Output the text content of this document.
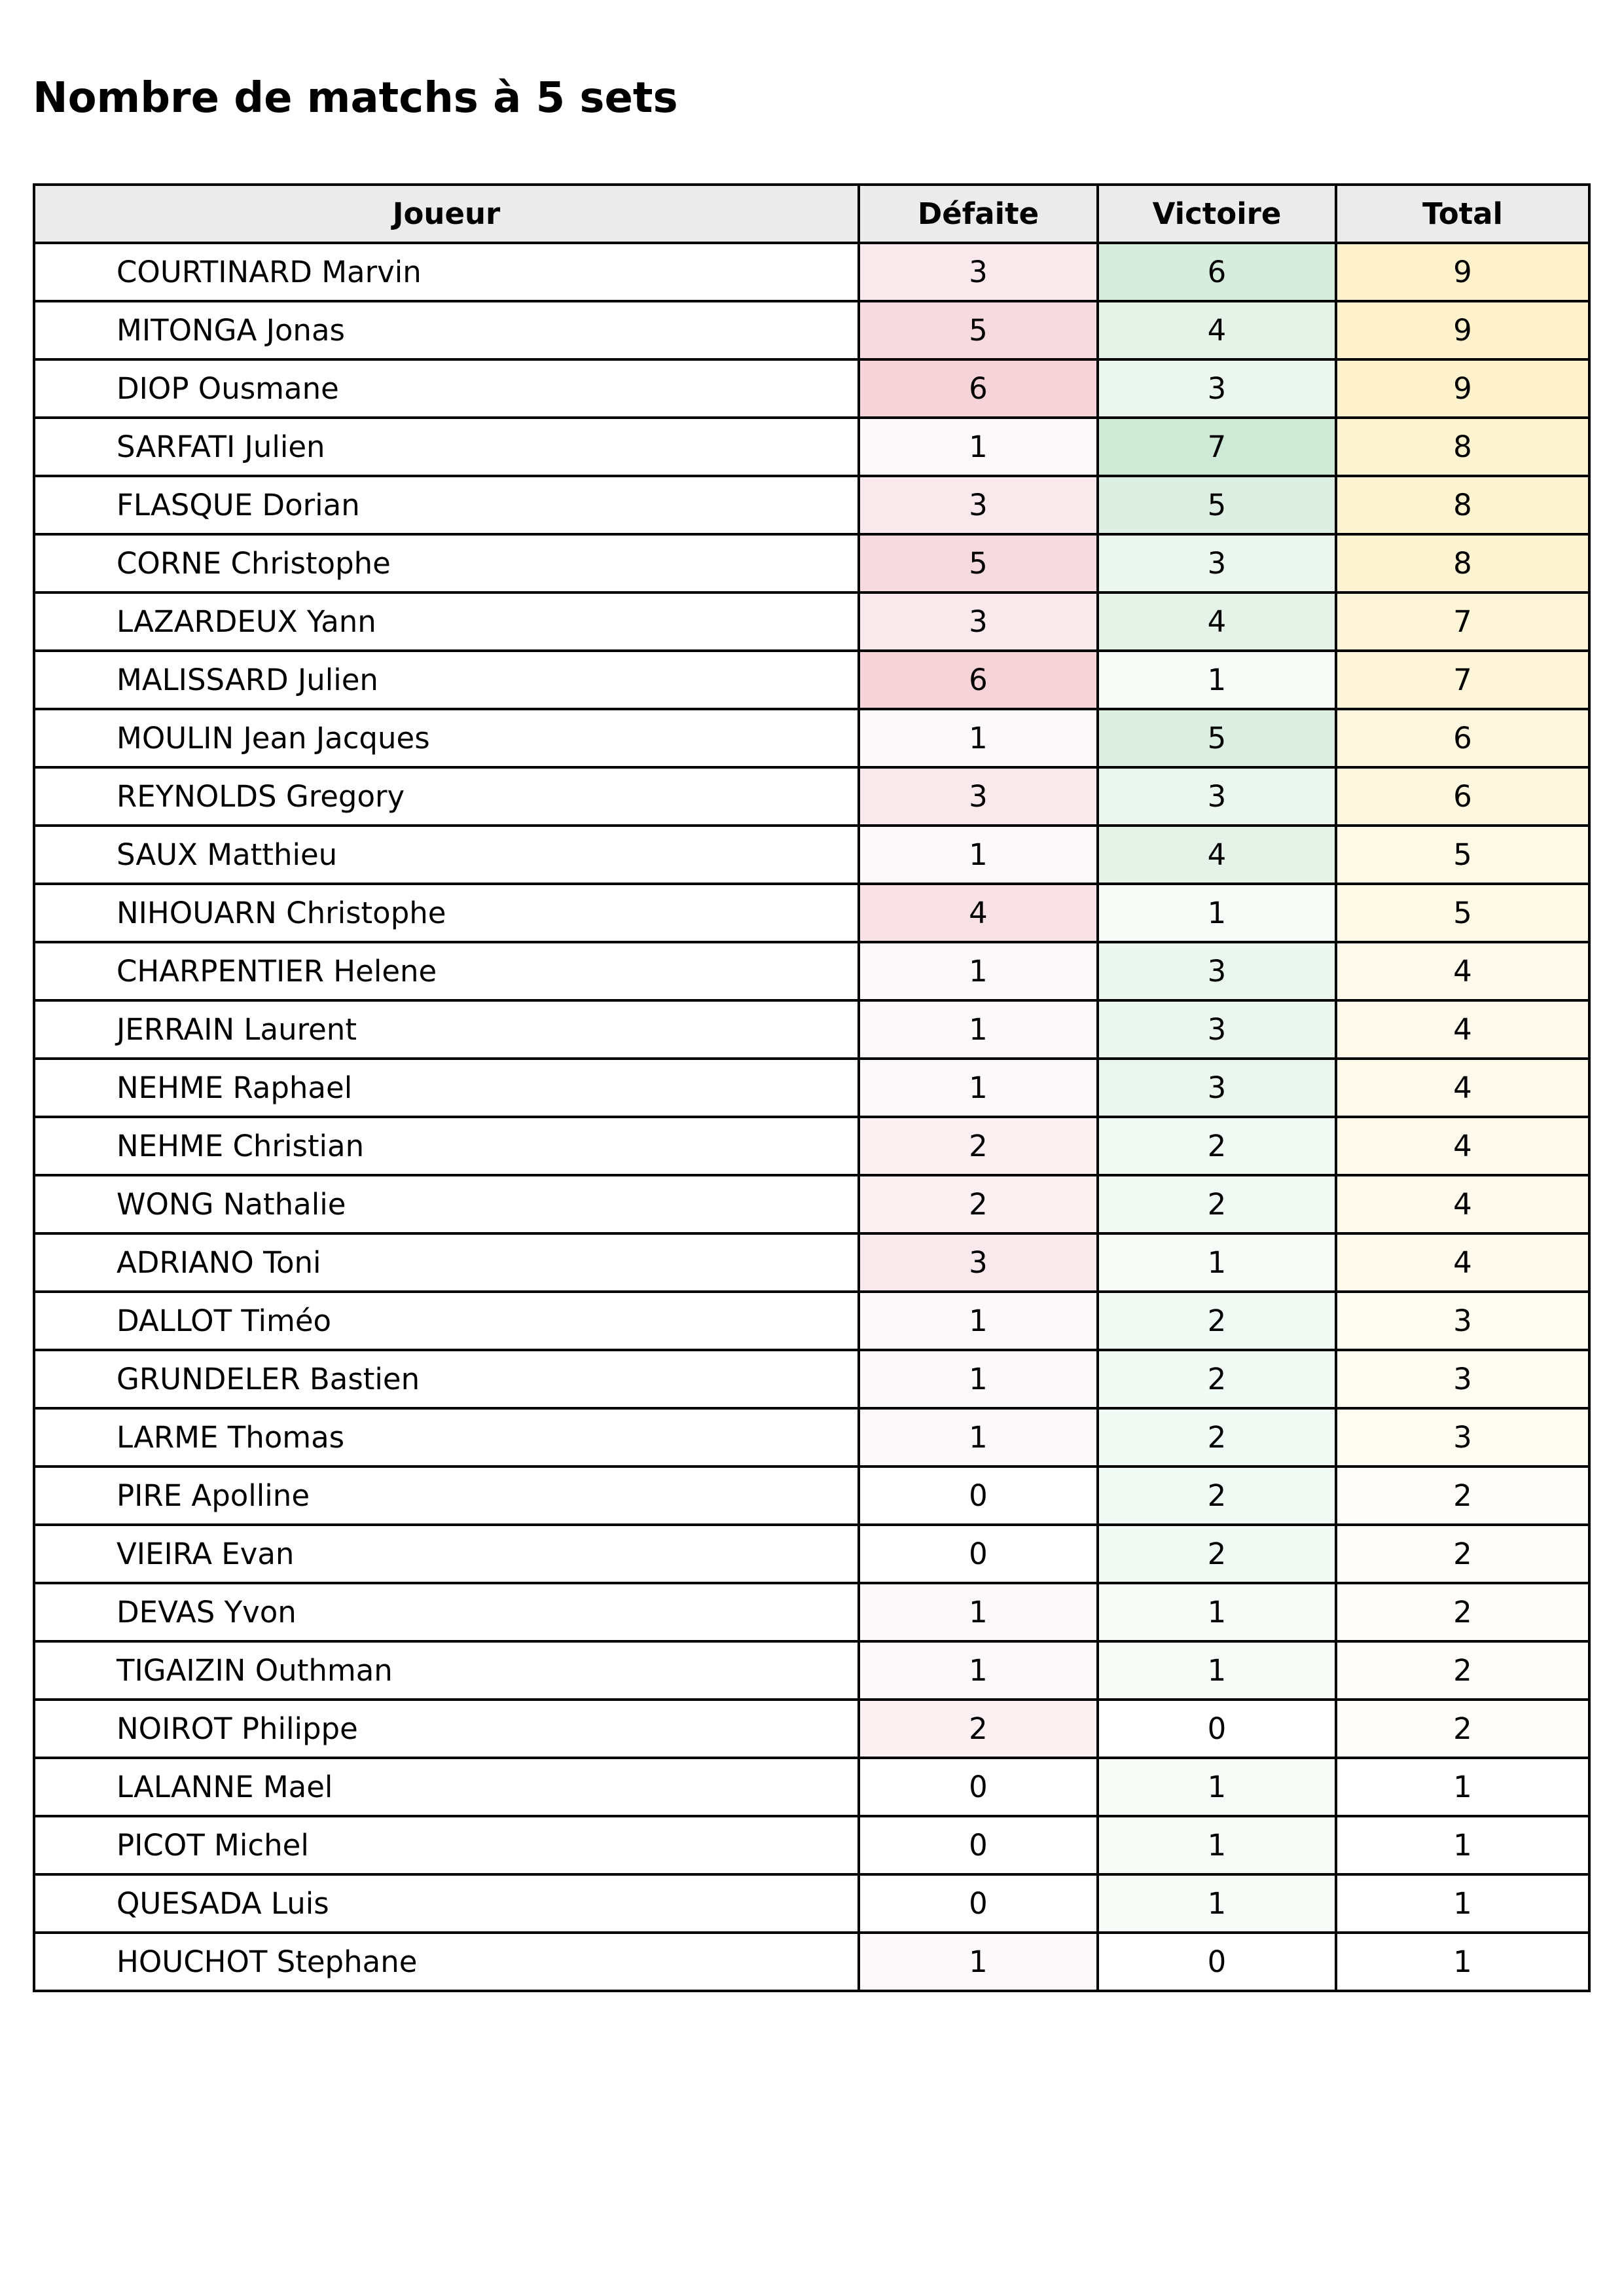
Nombre de matchs à 5 sets
Joueur	Défaite	Victoire	Total
COURTINARD Marvin	3	6	9
MITONGA Jonas	5	4	9
DIOP Ousmane	6	3	9
SARFATI Julien	1	7	8
FLASQUE Dorian	3	5	8
CORNE Christophe	5	3	8
LAZARDEUX Yann	3	4	7
MALISSARD Julien	6	1	7
MOULIN Jean Jacques	1	5	6
REYNOLDS Gregory	3	3	6
SAUX Matthieu	1	4	5
NIHOUARN Christophe	4	1	5
CHARPENTIER Helene	1	3	4
JERRAIN Laurent	1	3	4
NEHME Raphael	1	3	4
NEHME Christian	2	2	4
WONG Nathalie	2	2	4
ADRIANO Toni	3	1	4
DALLOT Timéo	1	2	3
GRUNDELER Bastien	1	2	3
LARME Thomas	1	2	3
PIRE Apolline	0	2	2
VIEIRA Evan	0	2	2
DEVAS Yvon	1	1	2
TIGAIZIN Outhman	1	1	2
NOIROT Philippe	2	0	2
LALANNE Mael	0	1	1
PICOT Michel	0	1	1
QUESADA Luis	0	1	1
HOUCHOT Stephane	1	0	1
